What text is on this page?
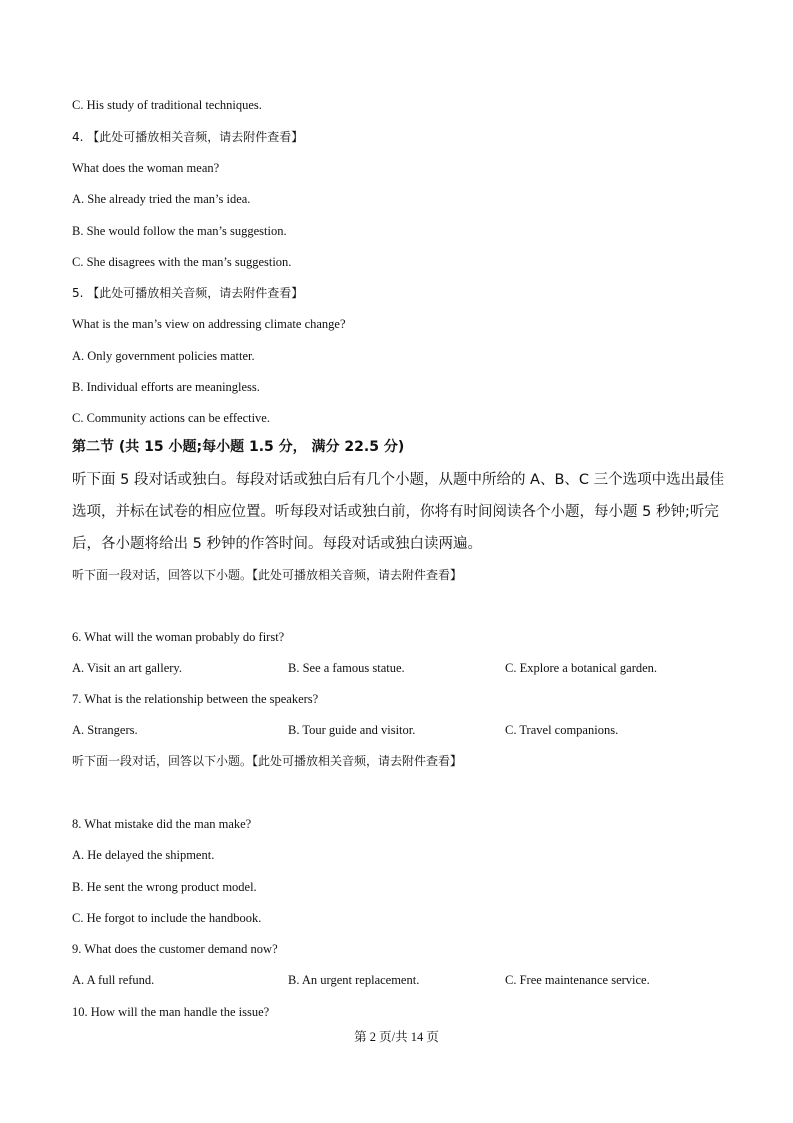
C. His study of traditional techniques.
4. 【此处可播放相关音频，请去附件查看】
What does the woman mean?
A. She already tried the man’s idea.
B. She would follow the man’s suggestion.
C. She disagrees with the man’s suggestion.
5. 【此处可播放相关音频，请去附件查看】
What is the man’s view on addressing climate change?
A. Only government policies matter.
B. Individual efforts are meaningless.
C. Community actions can be effective.
第二节 (共 15 小题;每小题 1.5 分， 满分 22.5 分)
听下面 5 段对话或独白。每段对话或独白后有几个小题，从题中所给的 A、B、C 三个选项中选出最佳选项，并标在试卷的相应位置。听每段对话或独白前，你将有时间阅读各个小题，每小题 5 秒钟;听完后，各小题将给出 5 秒钟的作答时间。每段对话或独白读两遍。
听下面一段对话，回答以下小题。【此处可播放相关音频，请去附件查看】
6. What will the woman probably do first?
A. Visit an art gallery.	B. See a famous statue.	C. Explore a botanical garden.
7. What is the relationship between the speakers?
A. Strangers.	B. Tour guide and visitor.	C. Travel companions.
听下面一段对话，回答以下小题。【此处可播放相关音频，请去附件查看】
8. What mistake did the man make?
A. He delayed the shipment.
B. He sent the wrong product model.
C. He forgot to include the handbook.
9. What does the customer demand now?
A. A full refund.	B. An urgent replacement.	C. Free maintenance service.
10. How will the man handle the issue?
第 2 页/共 14 页
